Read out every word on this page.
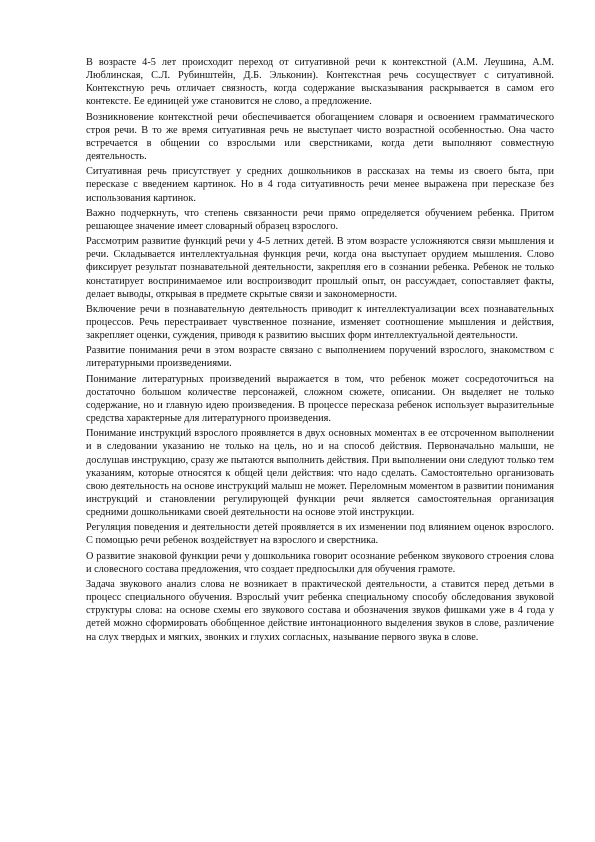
В возрасте 4-5 лет происходит переход от ситуативной речи к контекстной (А.М. Леушина, А.М. Люблинская, С.Л. Рубинштейн, Д.Б. Эльконин). Контекстная речь сосуществует с ситуативной. Контекстную речь отличает связность, когда содержание высказывания раскрывается в самом его контексте. Ее единицей уже становится не слово, а предложение.

Возникновение контекстной речи обеспечивается обогащением словаря и освоением грамматического строя речи. В то же время ситуативная речь не выступает чисто возрастной особенностью. Она часто встречается в общении со взрослыми или сверстниками, когда дети выполняют совместную деятельность.

Ситуативная речь присутствует у средних дошкольников в рассказах на темы из своего быта, при пересказе с введением картинок. Но в 4 года ситуативность речи менее выражена при пересказе без использования картинок.

Важно подчеркнуть, что степень связанности речи прямо определяется обучением ребенка. Притом решающее значение имеет словарный образец взрослого.

Рассмотрим развитие функций речи у 4-5 летних детей. В этом возрасте усложняются связи мышления и речи. Складывается интеллектуальная функция речи, когда она выступает орудием мышления. Слово фиксирует результат познавательной деятельности, закрепляя его в сознании ребенка. Ребенок не только констатирует воспринимаемое или воспроизводит прошлый опыт, он рассуждает, сопоставляет факты, делает выводы, открывая в предмете скрытые связи и закономерности.

Включение речи в познавательную деятельность приводит к интеллектуализации всех познавательных процессов. Речь перестраивает чувственное познание, изменяет соотношение мышления и действия, закрепляет оценки, суждения, приводя к развитию высших форм интеллектуальной деятельности.

Развитие понимания речи в этом возрасте связано с выполнением поручений взрослого, знакомством с литературными произведениями.

Понимание литературных произведений выражается в том, что ребенок может сосредоточиться на достаточно большом количестве персонажей, сложном сюжете, описании. Он выделяет не только содержание, но и главную идею произведения. В процессе пересказа ребенок использует выразительные средства характерные для литературного произведения.

Понимание инструкций взрослого проявляется в двух основных моментах в ее отсроченном выполнении и в следовании указанию не только на цель, но и на способ действия. Первоначально малыши, не дослушав инструкцию, сразу же пытаются выполнить действия. При выполнении они следуют только тем указаниям, которые относятся к общей цели действия: что надо сделать. Самостоятельно организовать свою деятельность на основе инструкций малыш не может. Переломным моментом в развитии понимания инструкций и становлении регулирующей функции речи является самостоятельная организация средними дошкольниками своей деятельности на основе этой инструкции.

Регуляция поведения и деятельности детей проявляется в их изменении под влиянием оценок взрослого. С помощью речи ребенок воздействует на взрослого и сверстника.

О развитие знаковой функции речи у дошкольника говорит осознание ребенком звукового строения слова и словесного состава предложения, что создает предпосылки для обучения грамоте.

Задача звукового анализ слова не возникает в практической деятельности, а ставится перед детьми в процесс специального обучения. Взрослый учит ребенка специальному способу обследования звуковой структуры слова: на основе схемы его звукового состава и обозначения звуков фишками уже в 4 года у детей можно сформировать обобщенное действие интонационного выделения звуков в слове, различение на слух твердых и мягких, звонких и глухих согласных, называние первого звука в слове.
